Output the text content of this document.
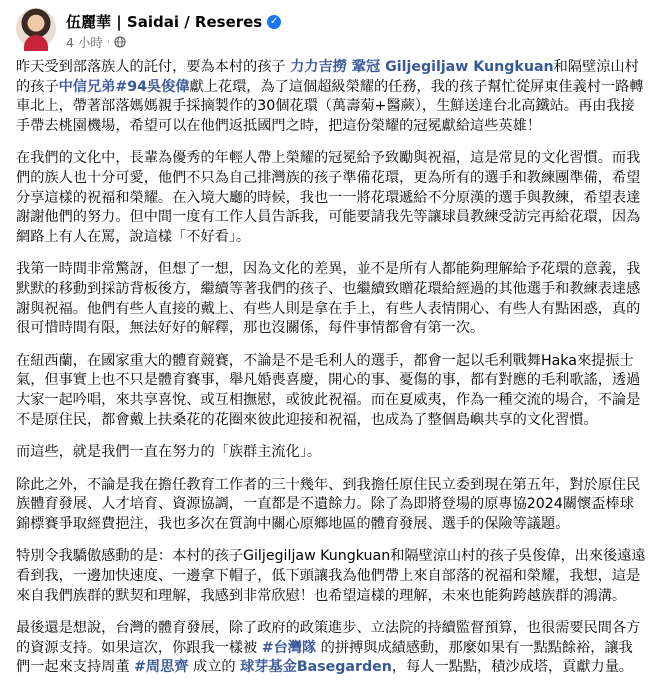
伍麗華 | Saidai / Reseres ✓
4 小時 ·

昨天受到部落族人的託付，要為本村的孩子 力力吉撈 鞏冠 Giljegiljaw Kungkuan和隔壁涼山村的孩子中信兄弟#94吳俊偉獻上花環，為了這個超級榮耀的任務，我的孩子幫忙從屏東佳義村一路轉車北上，帶著部落媽媽親手採摘製作的30個花環（萬壽菊+醫蕨），生鮮送達台北高鐵站。再由我接手帶去桃園機場，希望可以在他們返抵國門之時，把這份榮耀的冠冕獻給這些英雄！

在我們的文化中，長輩為優秀的年輕人帶上榮耀的冠冕給予致勵與祝福，這是常見的文化習慣。而我們的族人也十分可愛，他們不只為自己排灣族的孩子準備花環，更為所有的選手和教練團準備，希望分享這樣的祝福和榮耀。在入境大廳的時候，我也一一將花環遞給不分原漢的選手與教練，希望表達謝謝他們的努力。但中間一度有工作人員告訴我，可能要請我先等讓球員教練受訪完再給花環，因為網路上有人在罵，說這樣「不好看」。

我第一時間非常驚訝，但想了一想，因為文化的差異，並不是所有人都能夠理解給予花環的意義，我默默的移動到採訪背板後方，繼續等著我們的孩子、也繼續致贈花環給經過的其他選手和教練表達感謝與祝福。他們有些人直接的戴上、有些人則是拿在手上，有些人表情開心、有些人有點困惑，真的很可惜時間有限，無法好好的解釋，那也沒關係，每件事情都會有第一次。

在紐西蘭，在國家重大的體育競賽，不論是不是毛利人的選手，都會一起以毛利戰舞Haka來提振士氣，但事實上也不只是體育賽事，舉凡婚喪喜慶，開心的事、憂傷的事，都有對應的毛利歌謠，透過大家一起吟唱，來共享喜悅、或互相撫慰，或彼此祝福。而在夏威夷，作為一種交流的場合，不論是不是原住民，都會戴上扶桑花的花圈來彼此迎接和祝福，也成為了整個島嶼共享的文化習慣。

而這些，就是我們一直在努力的「族群主流化」。

除此之外，不論是我在擔任教育工作者的三十幾年、到我擔任原住民立委到現在第五年，對於原住民族體育發展、人才培育、資源協調，一直都是不遺餘力。除了為即將登場的原專協2024關懷盃棒球錦標賽爭取經費挹注，我也多次在質詢中關心原鄉地區的體育發展、選手的保險等議題。

特別令我驕傲感動的是：本村的孩子Giljegiljaw Kungkuan和隔壁涼山村的孩子吳俊偉，出來後遠遠看到我，一邊加快速度、一邊拿下帽子，低下頭讓我為他們帶上來自部落的祝福和榮耀，我想，這是來自我們族群的默契和理解，我感到非常欣慰！也希望這樣的理解，未來也能夠跨越族群的鴻溝。

最後還是想說，台灣的體育發展，除了政府的政策進步、立法院的持續監督預算，也很需要民間各方的資源支持。如果這次，你跟我一樣被 #台灣隊 的拼搏與成績感動，那麼如果有一點點餘裕，讓我們一起來支持周董 #周思齊 成立的 球芽基金Basegarden，每人一點點，積沙成塔，貢獻力量。
